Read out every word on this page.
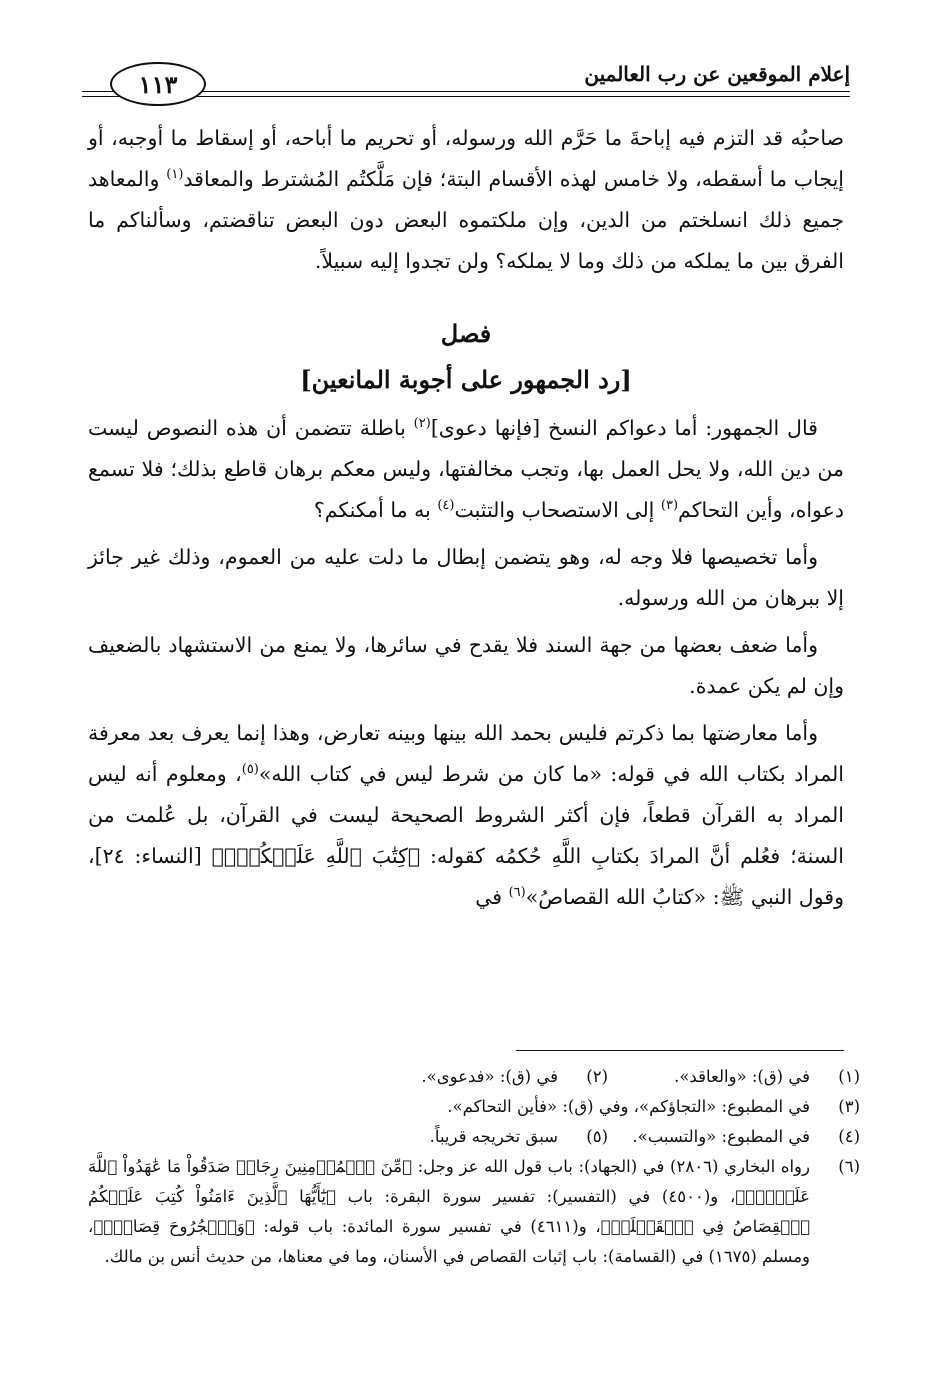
إعلام الموقعين عن رب العالمين
١١٣

صاحبُه قد التزم فيه إباحةَ ما حَرَّم الله ورسوله، أو تحريم ما أباحه، أو إسقاط ما أوجبه، أو إيجاب ما أسقطه، ولا خامس لهذه الأقسام البتة؛ فإن مَلَّكتُم المُشترط والمعاقد$^{(١)}$ والمعاهد جميع ذلك انسلختم من الدين، وإن ملكتموه البعض دون البعض تناقضتم، وسألناكم ما الفرق بين ما يملكه من ذلك وما لا يملكه؟ ولن تجدوا إليه سبيلاً.

فصل
[رد الجمهور على أجوبة المانعين]

قال الجمهور: أما دعواكم النسخ [فإنها دعوى]$^{(٢)}$ باطلة تتضمن أن هذه النصوص ليست من دين الله، ولا يحل العمل بها، وتجب مخالفتها، وليس معكم برهان قاطع بذلك؛ فلا تسمع دعواه، وأين التحاكم$^{(٣)}$ إلى الاستصحاب والتثبت$^{(٤)}$ به ما أمكنكم؟

وأما تخصيصها فلا وجه له، وهو يتضمن إبطال ما دلت عليه من العموم، وذلك غير جائز إلا ببرهان من الله ورسوله.

وأما ضعف بعضها من جهة السند فلا يقدح في سائرها، ولا يمنع من الاستشهاد بالضعيف وإن لم يكن عمدة.

وأما معارضتها بما ذكرتم فليس بحمد الله بينها وبينه تعارض، وهذا إنما يعرف بعد معرفة المراد بكتاب الله في قوله: «ما كان من شرط ليس في كتاب الله»$^{(٥)}$، ومعلوم أنه ليس المراد به القرآن قطعاً، فإن أكثر الشروط الصحيحة ليست في القرآن، بل عُلمت من السنة؛ فعُلم أنَّ المرادَ بكتابِ اللَّهِ حُكمُه كقوله: ﴿كِتَٰبَ ٱللَّهِ عَلَيۡكُمۡۚ﴾ [النساء: ٢٤]، وقول النبي ﷺ: «كتابُ الله القصاصُ»$^{(٦)}$ في

(١)
في (ق): «والعاقد».
(٢)
في (ق): «فدعوى».
(٣)
في المطبوع: «التجاؤكم»، وفي (ق): «فأين التحاكم».
(٤)
في المطبوع: «والتسبب».
(٥)
سبق تخريجه قريباً.
(٦)
رواه البخاري (٢٨٠٦) في (الجهاد): باب قول الله عز وجل: ﴿مِّنَ ٱلۡمُؤۡمِنِينَ رِجَالٞ صَدَقُواْ مَا عَٰهَدُواْ ٱللَّهَ عَلَيۡهِۖ﴾، و(٤٥٠٠) في (التفسير): تفسير سورة البقرة: باب ﴿يَٰٓأَيُّهَا ٱلَّذِينَ ءَامَنُواْ كُتِبَ عَلَيۡكُمُ ٱلۡقِصَاصُ فِي ٱلۡقَتۡلَىۖ﴾، و(٤٦١١) في تفسير سورة المائدة: باب قوله: ﴿وَٱلۡجُرُوحَ قِصَاصٞۚ﴾، ومسلم (١٦٧٥) في (القسامة): باب إثبات القصاص في الأسنان، وما في معناها، من حديث أنس بن مالك.
